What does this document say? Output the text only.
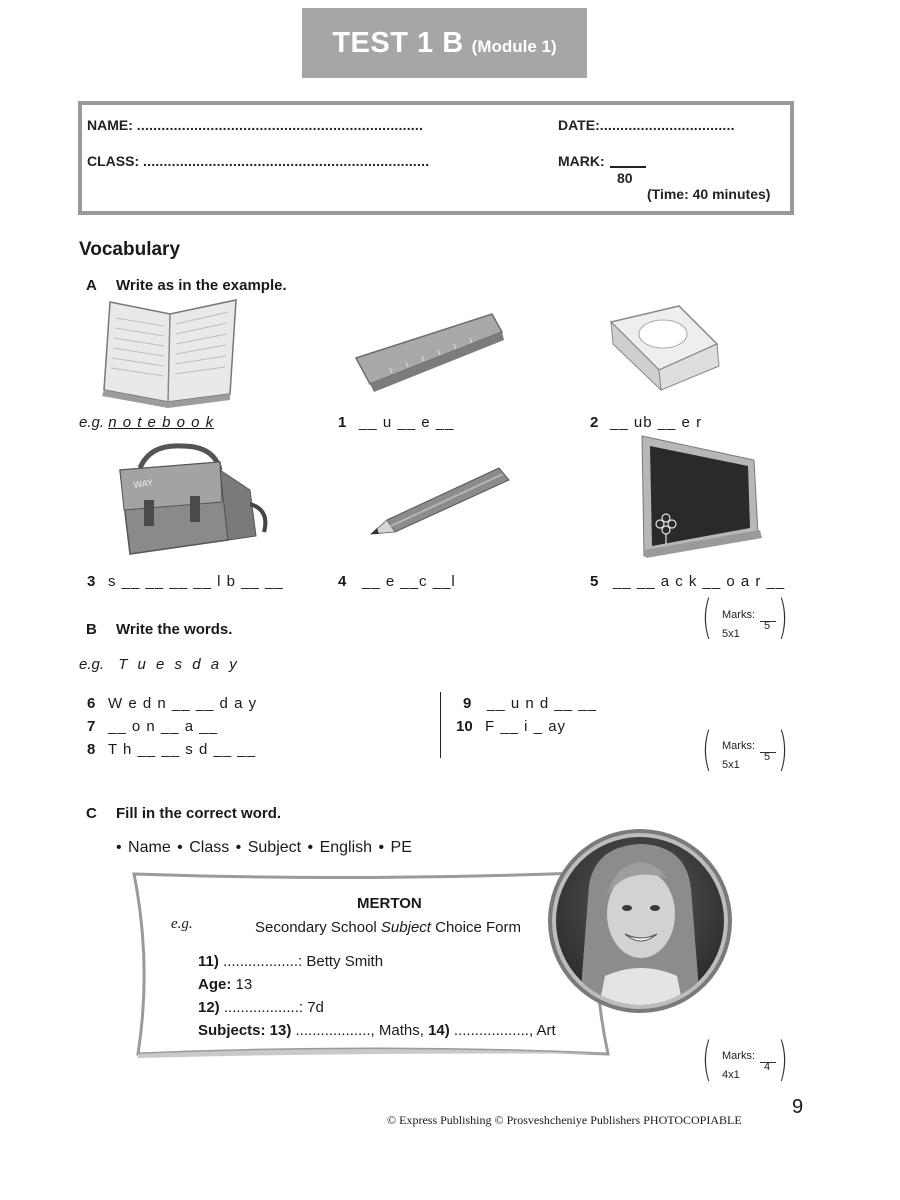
TEST 1 B (Module 1)
NAME: ......................................................................	DATE:.................................
CLASS: ......................................................................	MARK:
80
(Time: 40 minutes)
Vocabulary
A Write as in the example.
e.g. n o t e b o o k	1 __ u __ e __	2 __ ub __ e r
WAY
3 s __ __ __ __ l b __ __	4 __ e __c __l	5 __ __ a c k __ o a r __
( Marks:
5
5x1 )
B Write the words.
e.g. T u e s d a y
6 W e d n __ __ d a y
7 __ o n __ a __
8 T h __ __ s d __ __
9 __ u n d __ __
10 F __ i _ ay	( Marks:
5
5x1 )
C Fill in the correct word.
• Name • Class • Subject • English • PE
MERTON
e.g.	Secondary School Subject Choice Form
11) ..................: Betty Smith
Age: 13
12) ..................: 7d
Subjects: 13) .................., Maths, 14) .................., Art
( Marks:
4
4x1 )
© Express Publishing © Prosveshcheniye Publishers PHOTOCOPIABLE
9
